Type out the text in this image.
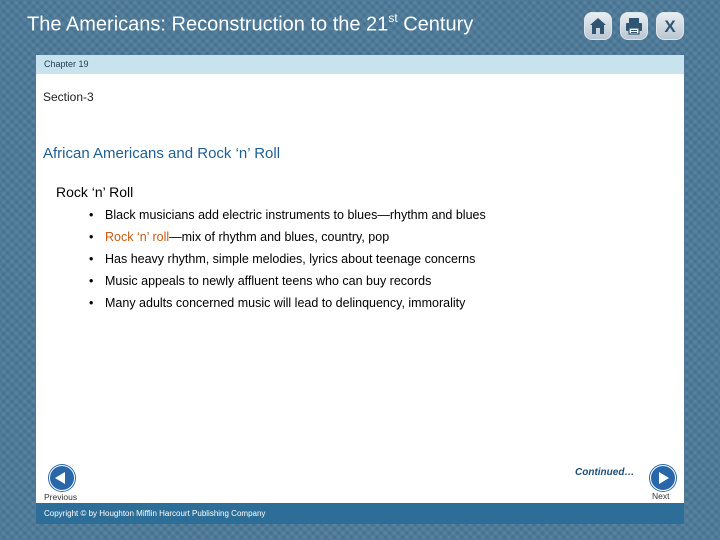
The Americans: Reconstruction to the 21st Century	X
Chapter 19
Section-3
African Americans and Rock ‘n’ Roll
Rock ‘n’ Roll
• Black musicians add electric instruments to blues—rhythm and blues
• Rock ‘n’ roll—mix of rhythm and blues, country, pop
• Has heavy rhythm, simple melodies, lyrics about teenage concerns
• Music appeals to newly affluent teens who can buy records
• Many adults concerned music will lead to delinquency, immorality
Continued…
Previous	Next
Copyright © by Houghton Mifflin Harcourt Publishing Company
